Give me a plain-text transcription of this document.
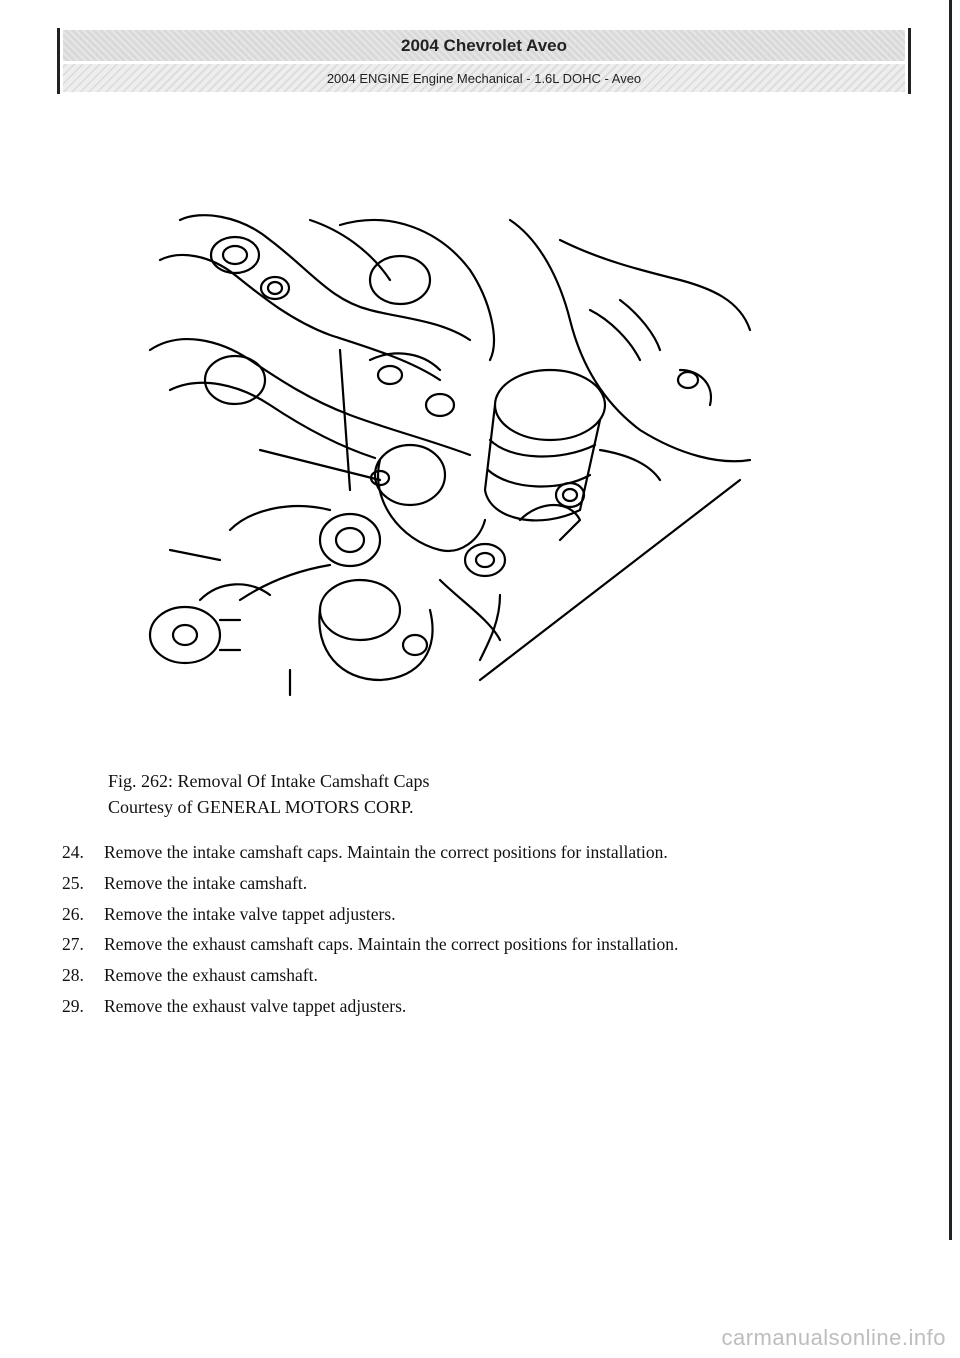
2004 Chevrolet Aveo
2004 ENGINE Engine Mechanical - 1.6L DOHC - Aveo
Fig. 262: Removal Of Intake Camshaft Caps
Courtesy of GENERAL MOTORS CORP.
24.	Remove the intake camshaft caps. Maintain the correct positions for installation.
25.	Remove the intake camshaft.
26.	Remove the intake valve tappet adjusters.
27.	Remove the exhaust camshaft caps. Maintain the correct positions for installation.
28.	Remove the exhaust camshaft.
29.	Remove the exhaust valve tappet adjusters.
carmanualsonline.info
